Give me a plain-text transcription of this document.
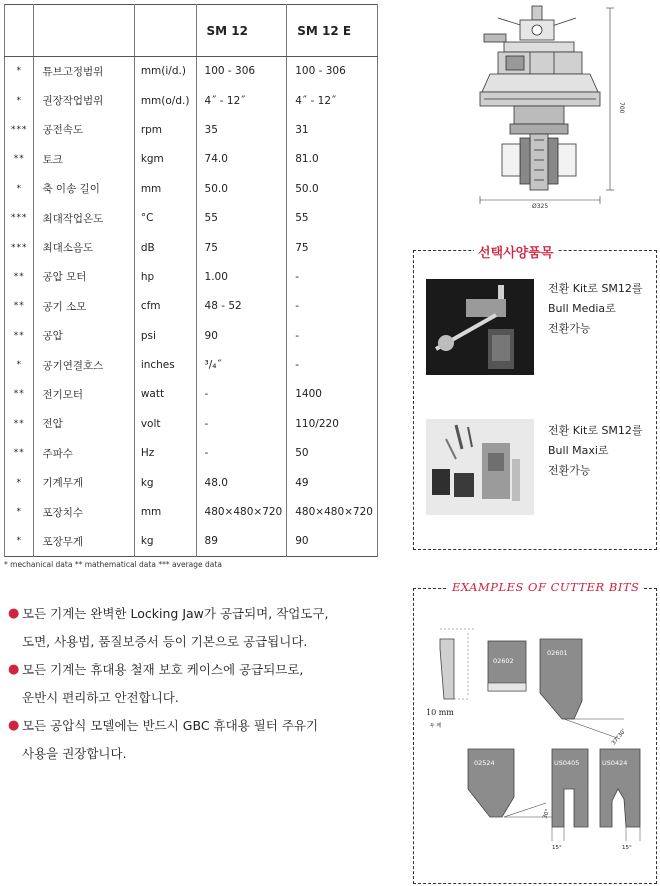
			SM 12	SM 12 E
*	튜브고정범위	mm(i/d.)	100 - 306	100 - 306
*	권장작업범위	mm(o/d.)	4˝ - 12˝	4˝ - 12˝
***	공전속도	rpm	35	31
**	토크	kgm	74.0	81.0
*	축 이송 길이	mm	50.0	50.0
***	최대작업온도	°C	55	55
***	최대소음도	dB	75	75
**	공압 모터	hp	1.00	-
**	공기 소모	cfm	48 - 52	-
**	공압	psi	90	-
*	공기연결호스	inches	³/₄˝	-
**	전기모터	watt	-	1400
**	전압	volt	-	110/220
**	주파수	Hz	-	50
*	기계무게	kg	48.0	49
*	포장치수	mm	480×480×720	480×480×720
*	포장무게	kg	89	90
* mechanical data ** mathematical data *** average data
● 모든 기계는 완벽한 Locking Jaw가 공급되며, 작업도구,
도면, 사용법, 품질보증서 등이 기본으로 공급됩니다.
● 모든 기계는 휴대용 철재 보호 케이스에 공급되므로,
운반시 편리하고 안전합니다.
● 모든 공압식 모델에는 반드시 GBC 휴대용 필터 주유기
사용을 권장합니다.
700
Ø325
선택사양품목
전환 Kit로 SM12를
Bull Media로
전환가능
전환 Kit로 SM12를
Bull Maxi로
전환가능
EXAMPLES OF CUTTER BITS
10 mm
두 께
02602
02601
37°30'
02524
30°
US0405
15°
US0424
15°
